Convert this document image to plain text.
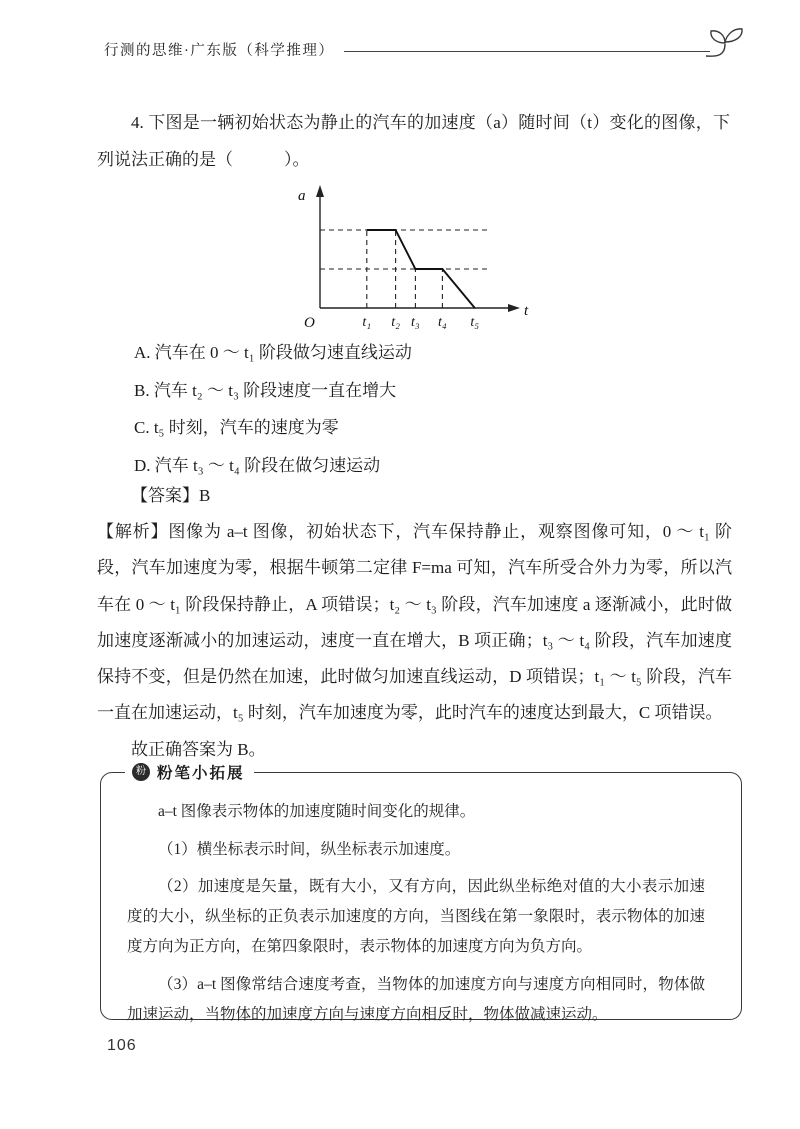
行测的思维·广东版（科学推理）

4. 下图是一辆初始状态为静止的汽车的加速度（a）随时间（t）变化的图像，下列说法正确的是（　　　）。

t₁ t₂ t₃ t₄ t₅
a
t
O

A. 汽车在 0 ～ t₁ 阶段做匀速直线运动

B. 汽车 t₂ ～ t₃ 阶段速度一直在增大

C. t₅ 时刻，汽车的速度为零

D. 汽车 t₃ ～ t₄ 阶段在做匀速运动

【答案】B

【解析】图像为 a–t 图像，初始状态下，汽车保持静止，观察图像可知，0 ～ t₁ 阶段，汽车加速度为零，根据牛顿第二定律 F=ma 可知，汽车所受合外力为零，所以汽车在 0 ～ t₁ 阶段保持静止，A 项错误；t₂ ～ t₃ 阶段，汽车加速度 a 逐渐减小，此时做加速度逐渐减小的加速运动，速度一直在增大，B 项正确；t₃ ～ t₄ 阶段，汽车加速度保持不变，但是仍然在加速，此时做匀加速直线运动，D 项错误；t₁ ～ t₅ 阶段，汽车一直在加速运动，t₅ 时刻，汽车加速度为零，此时汽车的速度达到最大，C 项错误。

故正确答案为 B。

粉 粉笔小拓展

a–t 图像表示物体的加速度随时间变化的规律。

（1）横坐标表示时间，纵坐标表示加速度。

（2）加速度是矢量，既有大小，又有方向，因此纵坐标绝对值的大小表示加速度的大小，纵坐标的正负表示加速度的方向，当图线在第一象限时，表示物体的加速度方向为正方向，在第四象限时，表示物体的加速度方向为负方向。

（3）a–t 图像常结合速度考查，当物体的加速度方向与速度方向相同时，物体做加速运动，当物体的加速度方向与速度方向相反时，物体做减速运动。

106
